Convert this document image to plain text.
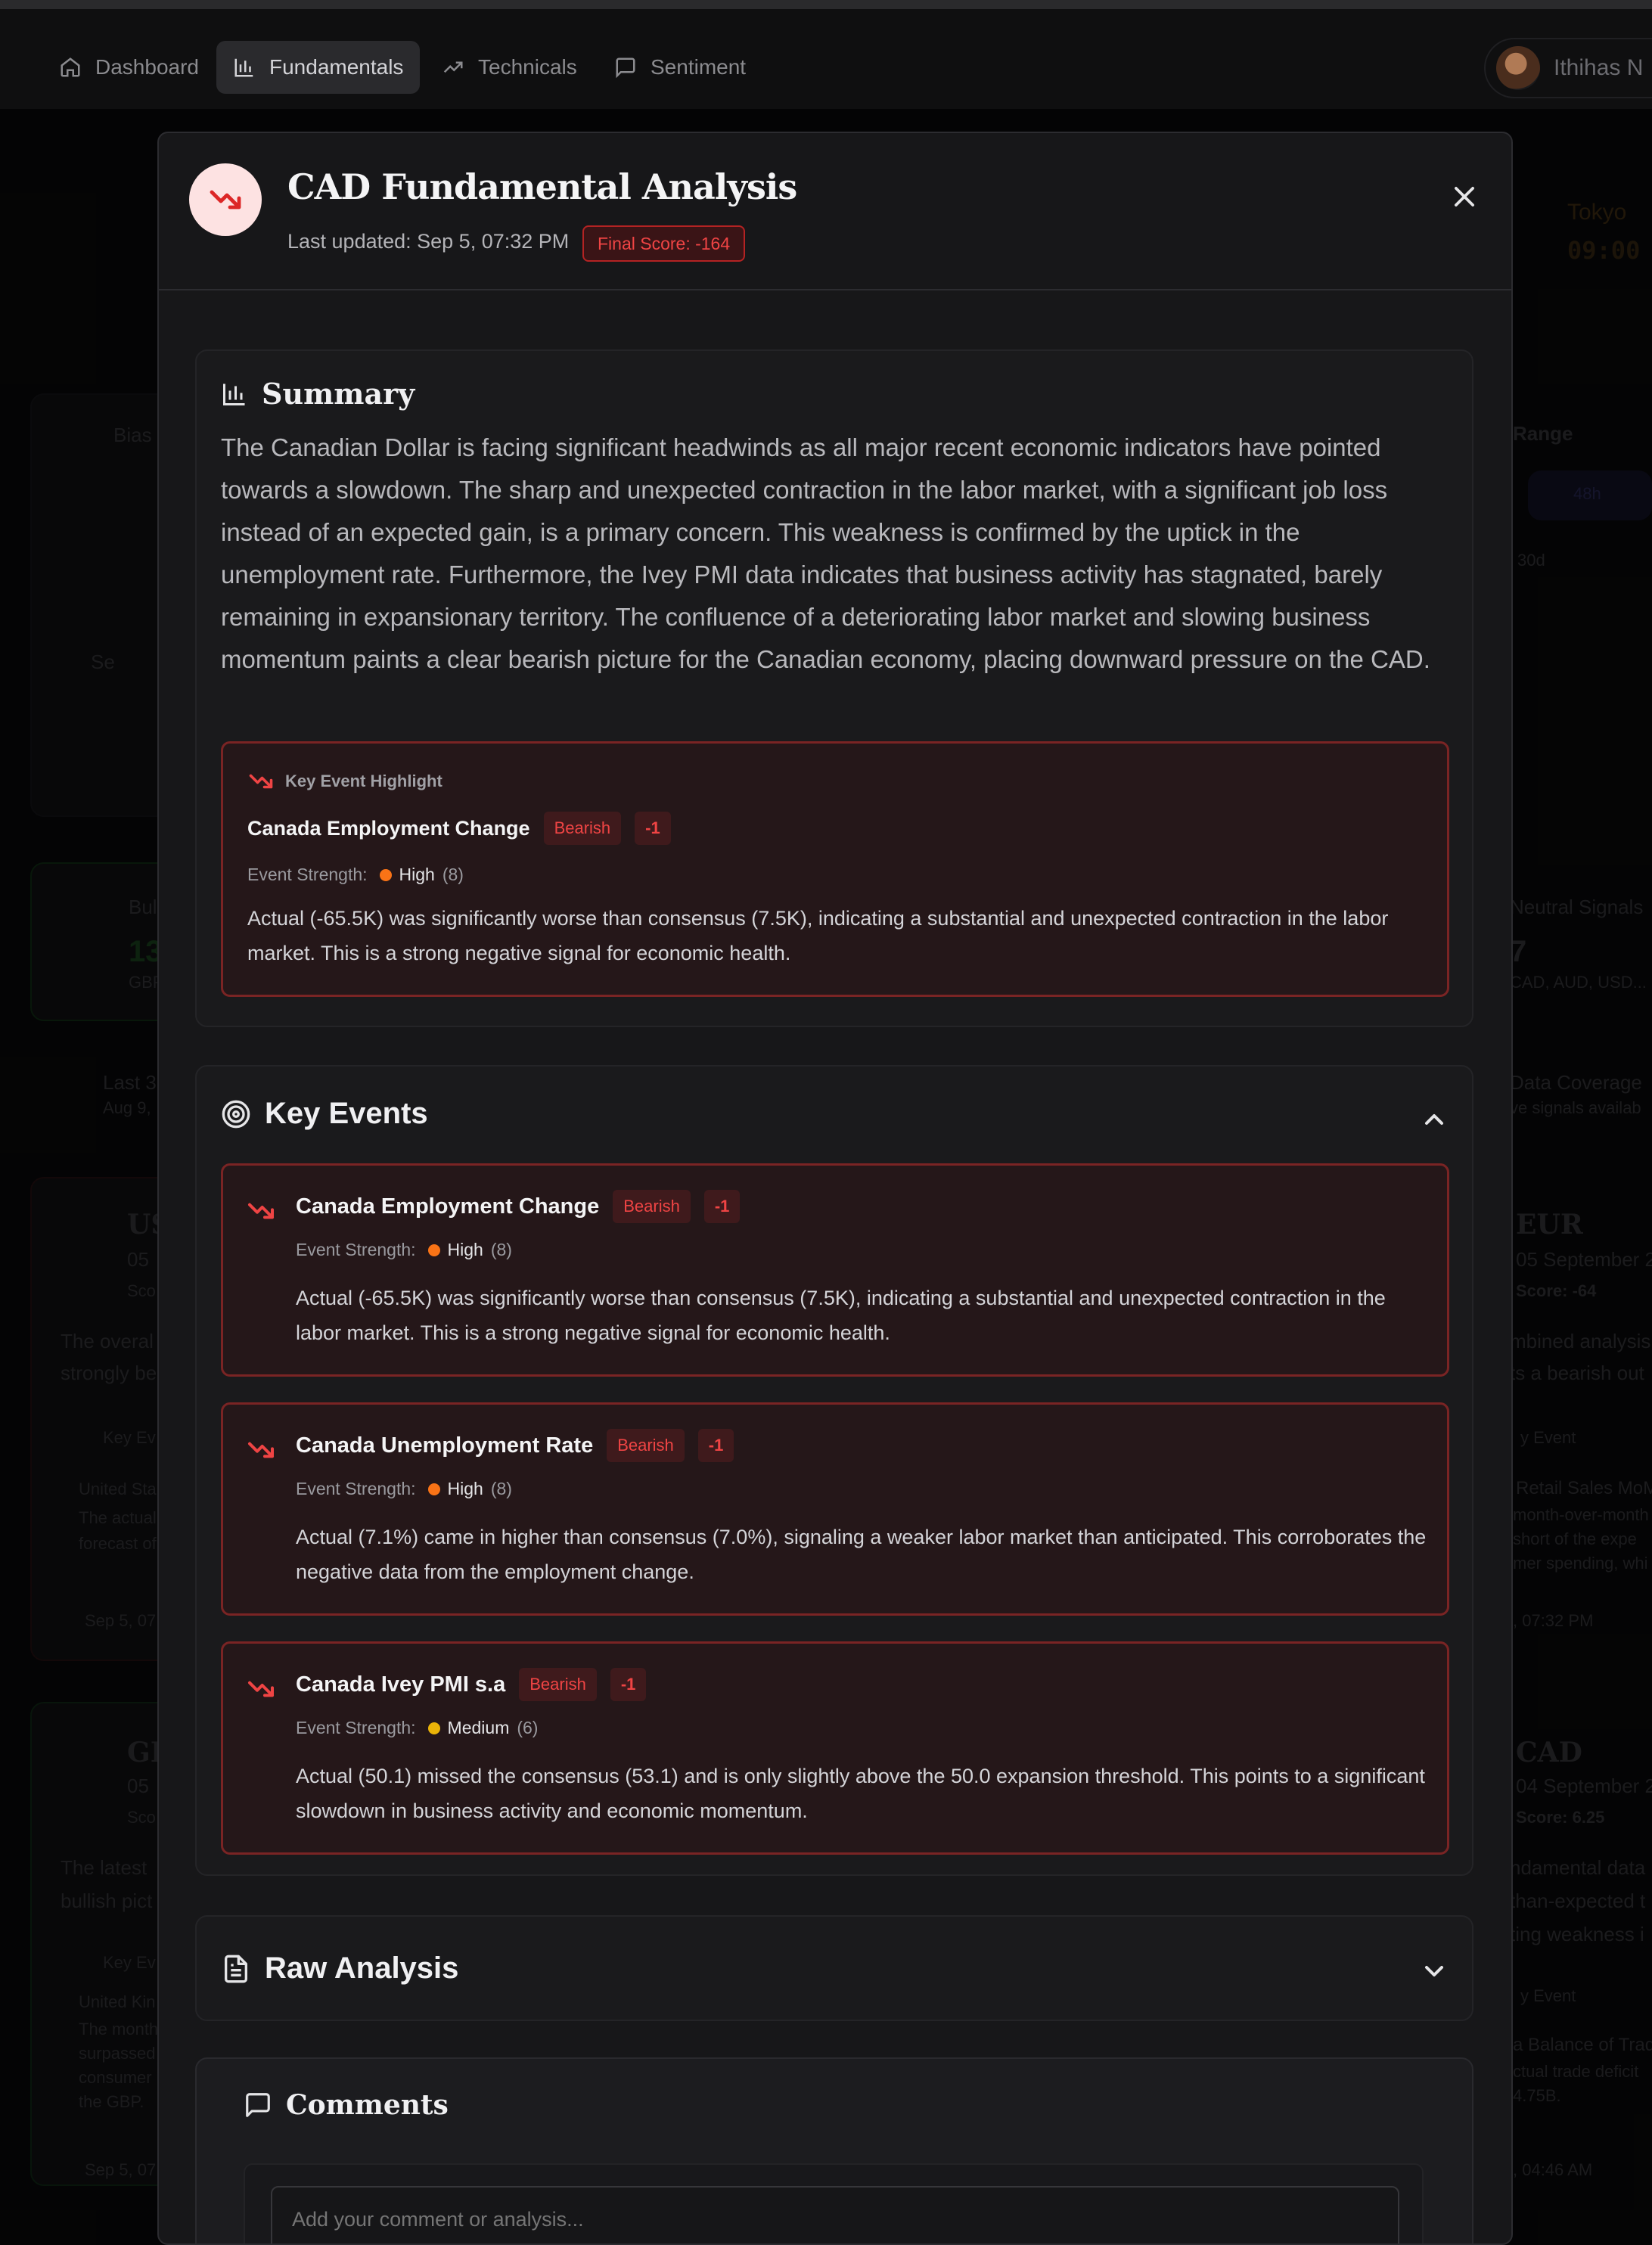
Dashboard	Fundamentals	Technicals	Sentiment	Ithihas N
CAD Fundamental Analysis
Last updated: Sep 5, 07:32 PM	Final Score: -164
Summary
The Canadian Dollar is facing significant headwinds as all major recent economic indicators have pointed towards a slowdown. The sharp and unexpected contraction in the labor market, with a significant job loss instead of an expected gain, is a primary concern. This weakness is confirmed by the uptick in the unemployment rate. Furthermore, the Ivey PMI data indicates that business activity has stagnated, barely remaining in expansionary territory. The confluence of a deteriorating labor market and slowing business momentum paints a clear bearish picture for the Canadian economy, placing downward pressure on the CAD.
Key Event Highlight
Canada Employment Change	Bearish	-1
Event Strength: High (8)
Actual (-65.5K) was significantly worse than consensus (7.5K), indicating a substantial and unexpected contraction in the labor market. This is a strong negative signal for economic health.
Key Events
Canada Employment Change	Bearish	-1
Event Strength: High (8)
Actual (-65.5K) was significantly worse than consensus (7.5K), indicating a substantial and unexpected contraction in the labor market. This is a strong negative signal for economic health.
Canada Unemployment Rate	Bearish	-1
Event Strength: High (8)
Actual (7.1%) came in higher than consensus (7.0%), signaling a weaker labor market than anticipated. This corroborates the negative data from the employment change.
Canada Ivey PMI s.a	Bearish	-1
Event Strength: Medium (6)
Actual (50.1) missed the consensus (53.1) and is only slightly above the 50.0 expansion threshold. This points to a significant slowdown in business activity and economic momentum.
Raw Analysis
Comments
Add your comment or analysis...
